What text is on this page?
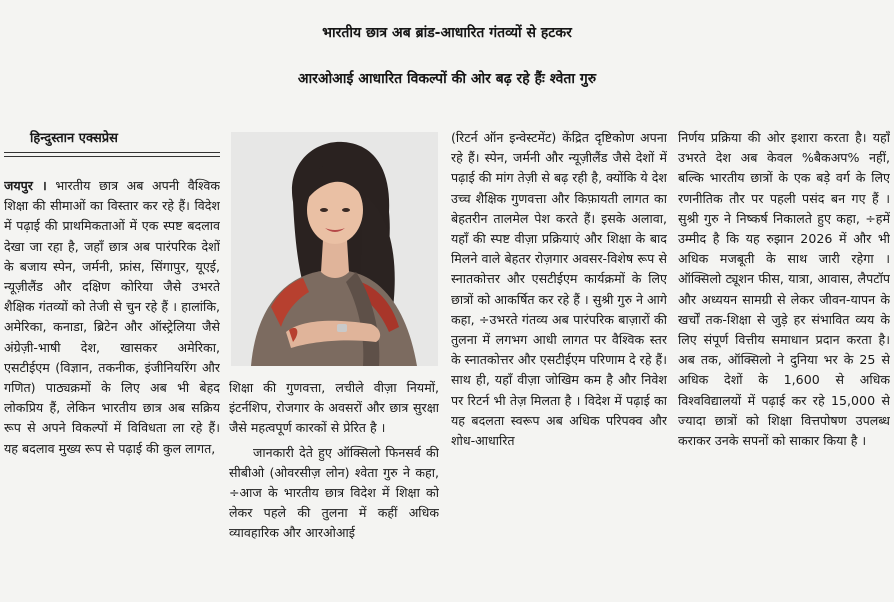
भारतीय छात्र अब ब्रांड-आधारित गंतव्यों से हटकर
आरओआई आधारित विकल्पों की ओर बढ़ रहे हैंः श्वेता गुरु
हिन्दुस्तान एक्सप्रेस

जयपुर । भारतीय छात्र अब अपनी वैश्विक शिक्षा की सीमाओं का विस्तार कर रहे हैं। विदेश में पढ़ाई की प्राथमिकताओं में एक स्पष्ट बदलाव देखा जा रहा है, जहाँ छात्र अब पारंपरिक देशों के बजाय स्पेन, जर्मनी, फ्रांस, सिंगापुर, यूएई, न्यूज़ीलैंड और दक्षिण कोरिया जैसे उभरते शैक्षिक गंतव्यों को तेजी से चुन रहे हैं । हालांकि, अमेरिका, कनाडा, ब्रिटेन और ऑस्ट्रेलिया जैसे अंग्रेज़ी-भाषी देश, खासकर अमेरिका, एसटीईएम (विज्ञान, तकनीक, इंजीनियरिंग और गणित) पाठ्यक्रमों के लिए अब भी बेहद लोकप्रिय हैं, लेकिन भारतीय छात्र अब सक्रिय रूप से अपने विकल्पों में विविधता ला रहे हैं। यह बदलाव मुख्य रूप से पढ़ाई की कुल लागत,

शिक्षा की गुणवत्ता, लचीले वीज़ा नियमों, इंटर्नशिप, रोजगार के अवसरों और छात्र सुरक्षा जैसे महत्वपूर्ण कारकों से प्रेरित है ।

जानकारी देते हुए ऑक्सिलो फिनसर्व की सीबीओ (ओवरसीज़ लोन) श्वेता गुरु ने कहा, ÷आज के भारतीय छात्र विदेश में शिक्षा को लेकर पहले की तुलना में कहीं अधिक व्यावहारिक और आरओआई

(रिटर्न ऑन इन्वेस्टमेंट) केंद्रित दृष्टिकोण अपना रहे हैं। स्पेन, जर्मनी और न्यूज़ीलैंड जैसे देशों में पढ़ाई की मांग तेज़ी से बढ़ रही है, क्योंकि ये देश उच्च शैक्षिक गुणवत्ता और किफ़ायती लागत का बेहतरीन तालमेल पेश करते हैं। इसके अलावा, यहाँ की स्पष्ट वीज़ा प्रक्रियाएं और शिक्षा के बाद मिलने वाले बेहतर रोज़गार अवसर-विशेष रूप से स्नातकोत्तर और एसटीईएम कार्यक्रमों के लिए छात्रों को आकर्षित कर रहे हैं । सुश्री गुरु ने आगे कहा, ÷उभरते गंतव्य अब पारंपरिक बाज़ारों की तुलना में लगभग आधी लागत पर वैश्विक स्तर के स्नातकोत्तर और एसटीईएम परिणाम दे रहे हैं। साथ ही, यहाँ वीज़ा जोखिम कम है और निवेश पर रिटर्न भी तेज़ मिलता है । विदेश में पढ़ाई का यह बदलता स्वरूप अब अधिक परिपक्व और शोध-आधारित

निर्णय प्रक्रिया की ओर इशारा करता है। यहाँ उभरते देश अब केवल %बैकअप% नहीं, बल्कि भारतीय छात्रों के एक बड़े वर्ग के लिए रणनीतिक तौर पर पहली पसंद बन गए हैं । सुश्री गुरु ने निष्कर्ष निकालते हुए कहा, ÷हमें उम्मीद है कि यह रुझान 2026 में और भी अधिक मजबूती के साथ जारी रहेगा । ऑक्सिलो ट्यूशन फीस, यात्रा, आवास, लैपटॉप और अध्ययन सामग्री से लेकर जीवन-यापन के खर्चों तक-शिक्षा से जुड़े हर संभावित व्यय के लिए संपूर्ण वित्तीय समाधान प्रदान करता है। अब तक, ऑक्सिलो ने दुनिया भर के 25 से अधिक देशों के 1,600 से अधिक विश्वविद्यालयों में पढ़ाई कर रहे 15,000 से ज्यादा छात्रों को शिक्षा वित्तपोषण उपलब्ध कराकर उनके सपनों को साकार किया है ।
